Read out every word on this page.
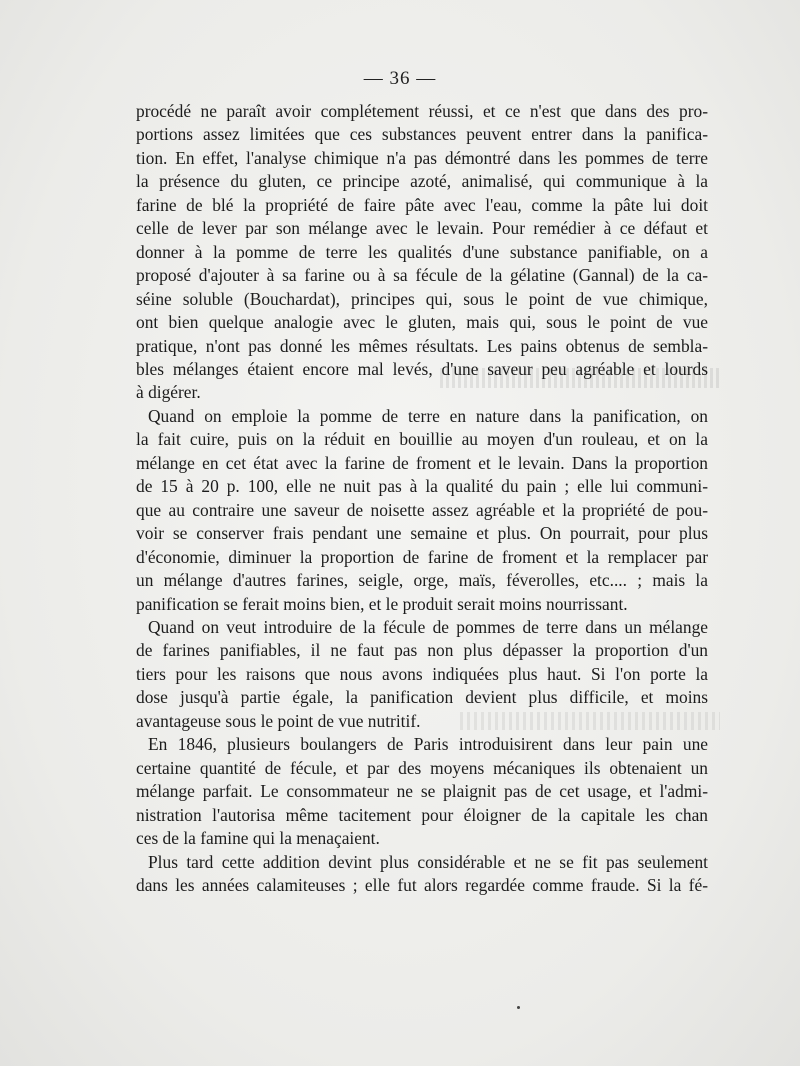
— 36 —

procédé ne paraît avoir complétement réussi, et ce n'est que dans des pro-
portions assez limitées que ces substances peuvent entrer dans la panifica-
tion. En effet, l'analyse chimique n'a pas démontré dans les pommes de terre
la présence du gluten, ce principe azoté, animalisé, qui communique à la
farine de blé la propriété de faire pâte avec l'eau, comme la pâte lui doit
celle de lever par son mélange avec le levain. Pour remédier à ce défaut et
donner à la pomme de terre les qualités d'une substance panifiable, on a
proposé d'ajouter à sa farine ou à sa fécule de la gélatine (Gannal) de la ca-
séine soluble (Bouchardat), principes qui, sous le point de vue chimique,
ont bien quelque analogie avec le gluten, mais qui, sous le point de vue
pratique, n'ont pas donné les mêmes résultats. Les pains obtenus de sembla-
bles mélanges étaient encore mal levés, d'une saveur peu agréable et lourds
à digérer.

Quand on emploie la pomme de terre en nature dans la panification, on
la fait cuire, puis on la réduit en bouillie au moyen d'un rouleau, et on la
mélange en cet état avec la farine de froment et le levain. Dans la proportion
de 15 à 20 p. 100, elle ne nuit pas à la qualité du pain ; elle lui communi-
que au contraire une saveur de noisette assez agréable et la propriété de pou-
voir se conserver frais pendant une semaine et plus. On pourrait, pour plus
d'économie, diminuer la proportion de farine de froment et la remplacer par
un mélange d'autres farines, seigle, orge, maïs, féverolles, etc.... ; mais la
panification se ferait moins bien, et le produit serait moins nourrissant.

Quand on veut introduire de la fécule de pommes de terre dans un mélange
de farines panifiables, il ne faut pas non plus dépasser la proportion d'un
tiers pour les raisons que nous avons indiquées plus haut. Si l'on porte la
dose jusqu'à partie égale, la panification devient plus difficile, et moins
avantageuse sous le point de vue nutritif.

En 1846, plusieurs boulangers de Paris introduisirent dans leur pain une
certaine quantité de fécule, et par des moyens mécaniques ils obtenaient un
mélange parfait. Le consommateur ne se plaignit pas de cet usage, et l'admi-
nistration l'autorisa même tacitement pour éloigner de la capitale les chan
ces de la famine qui la menaçaient.

Plus tard cette addition devint plus considérable et ne se fit pas seulement
dans les années calamiteuses ; elle fut alors regardée comme fraude. Si la fé-
